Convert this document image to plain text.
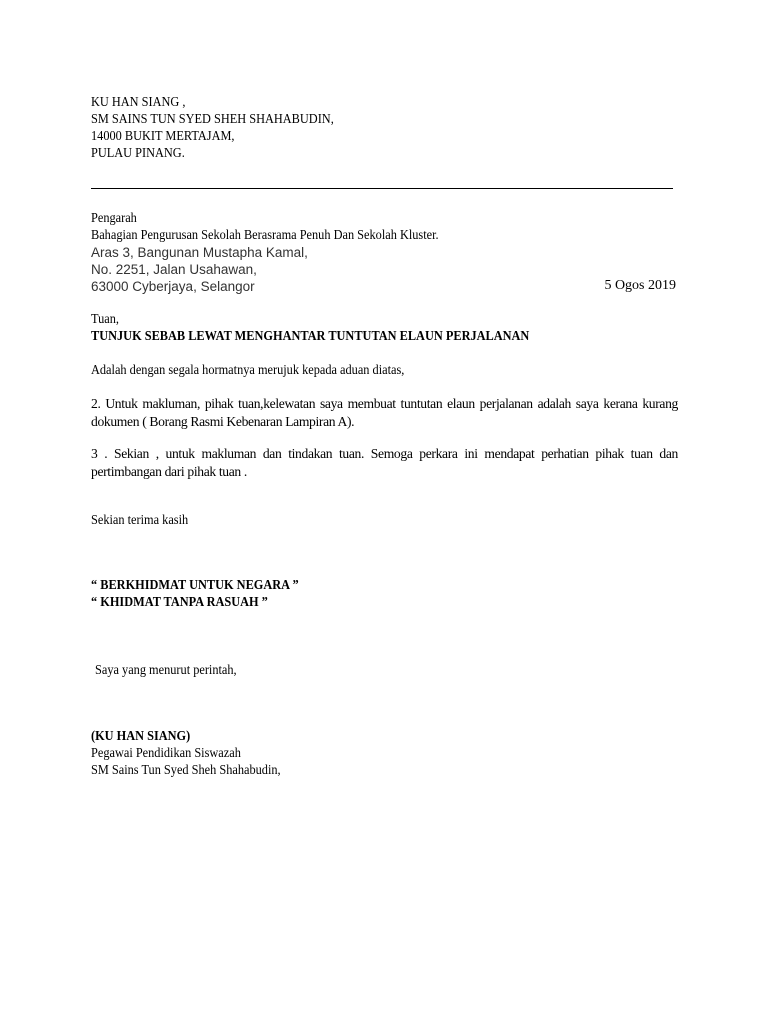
KU HAN SIANG ,
SM SAINS TUN SYED SHEH SHAHABUDIN,
14000 BUKIT MERTAJAM,
PULAU PINANG.
Pengarah
Bahagian Pengurusan Sekolah Berasrama Penuh Dan Sekolah Kluster.
Aras 3, Bangunan Mustapha Kamal,
No. 2251, Jalan Usahawan,
63000 Cyberjaya, Selangor	5 Ogos 2019
Tuan,
TUNJUK SEBAB LEWAT MENGHANTAR TUNTUTAN ELAUN PERJALANAN
Adalah dengan segala hormatnya merujuk kepada aduan diatas,
2. Untuk makluman, pihak tuan,kelewatan saya membuat tuntutan elaun perjalanan adalah saya kerana kurang dokumen ( Borang Rasmi Kebenaran Lampiran A).
3 . Sekian , untuk makluman dan tindakan tuan. Semoga perkara ini mendapat perhatian pihak tuan dan pertimbangan dari pihak tuan .
Sekian terima kasih
“ BERKHIDMAT UNTUK NEGARA ”
“ KHIDMAT TANPA RASUAH ”
Saya yang menurut perintah,
(KU HAN SIANG)
Pegawai Pendidikan Siswazah
SM Sains Tun Syed Sheh Shahabudin,
